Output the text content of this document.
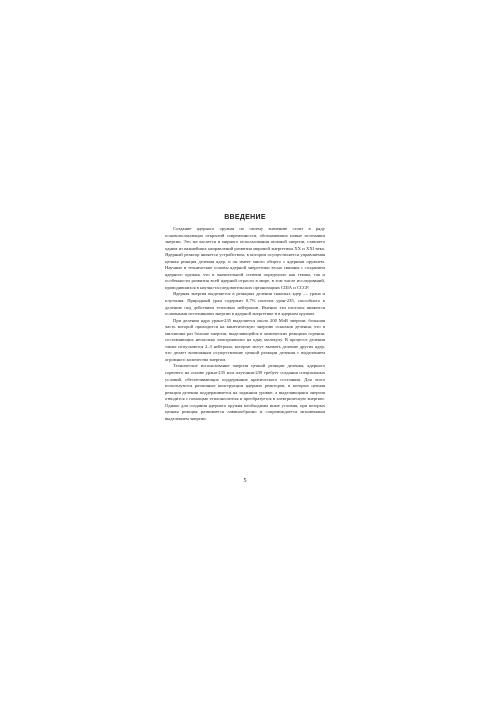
ВВЕДЕНИЕ

Создание ядерного оружия по своему значению стоит в ряду основополагающих открытий современности, обозначивших новые источники энергии. Это же касается и мирного использования атомной энергии, ставшего одним из важнейших направлений развития мировой энергетики XX и XXI века. Ядерный реактор является устройством, в котором осуществляется управляемая цепная реакция деления ядер, и он имеет много общего с ядерным оружием. Научные и технические основы ядерной энергетики тесно связаны с созданием ядерного оружия, что в значительной степени определило как темпы, так и особенности развития всей ядерной отрасли в мире, в том числе исследований, проводившихся в научно-исследовательских организациях США и СССР.

Ядерная энергия выделяется в реакциях деления тяжелых ядер — урана и плутония. Природный уран содержит 0,7% изотопа уран-235, способного к делению под действием тепловых нейтронов. Именно эти изотопы являются основными источниками энергии в ядерной энергетике и в ядерном оружии.

При делении ядра урана-235 выделяется около 200 МэВ энергии, большая часть которой приходится на кинетическую энергию осколков деления, что в миллионы раз больше энергии, выделяющейся в химических реакциях горения, составляющих несколько электронвольт на одну молекулу. В процессе деления также испускаются 2–3 нейтрона, которые могут вызвать деление других ядер, что делает возможным осуществление цепной реакции деления с выделением огромного количества энергии.

Техническое использование энергии цепной реакции деления, ядерного горючего на основе урана-235 или плутония-239 требует создания специальных условий, обеспечивающих поддержание критического состояния. Для этого используются различные конструкции ядерных реакторов, в которых цепная реакция деления поддерживается на заданном уровне, а выделяющаяся энергия отводится с помощью теплоносителя и преобразуется в электрическую энергию. Однако для создания ядерного оружия необходимы иные условия, при которых цепная реакция развивается лавинообразно и сопровождается мгновенным выделением энергии.

5
